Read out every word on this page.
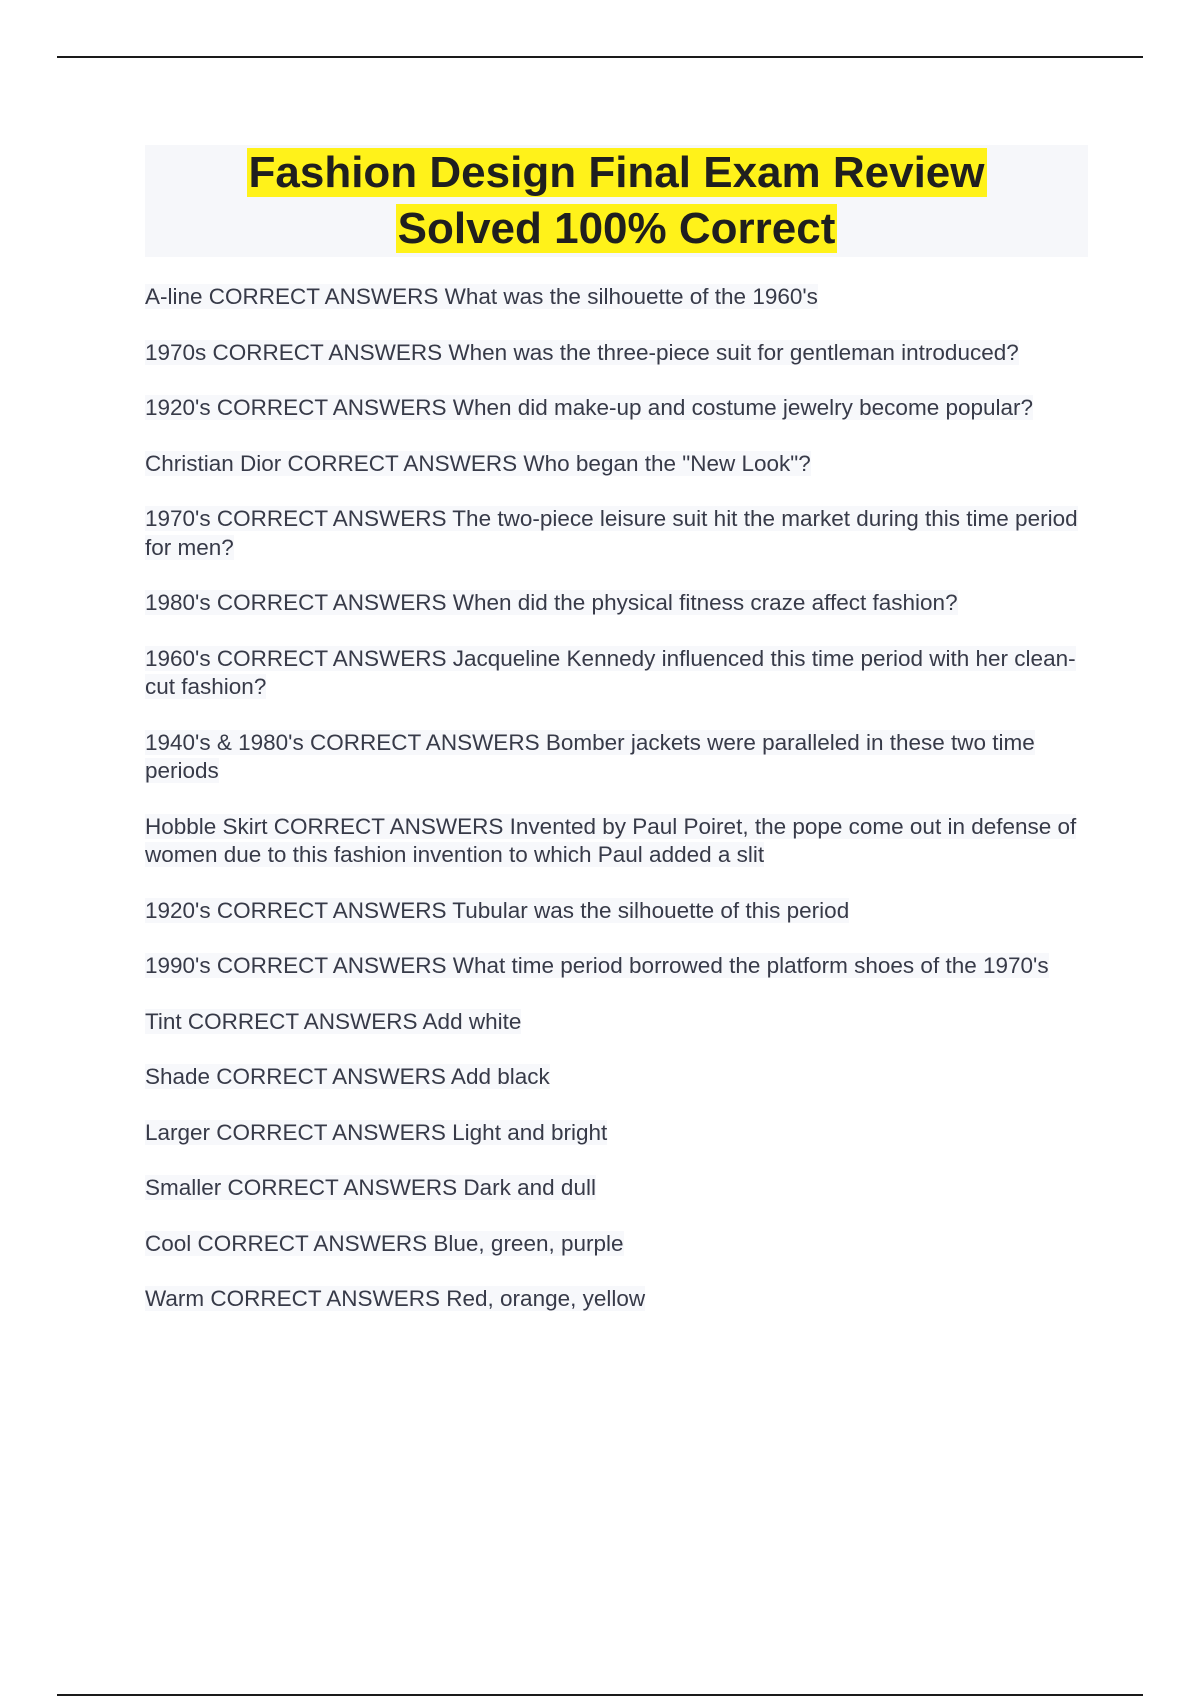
Fashion Design Final Exam Review
Solved 100% Correct
A-line CORRECT ANSWERS What was the silhouette of the 1960's
1970s CORRECT ANSWERS When was the three-piece suit for gentleman introduced?
1920's CORRECT ANSWERS When did make-up and costume jewelry become popular?
Christian Dior CORRECT ANSWERS Who began the "New Look"?
1970's CORRECT ANSWERS The two-piece leisure suit hit the market during this time period for men?
1980's CORRECT ANSWERS When did the physical fitness craze affect fashion?
1960's CORRECT ANSWERS Jacqueline Kennedy influenced this time period with her clean-cut fashion?
1940's & 1980's CORRECT ANSWERS Bomber jackets were paralleled in these two time periods
Hobble Skirt CORRECT ANSWERS Invented by Paul Poiret, the pope come out in defense of women due to this fashion invention to which Paul added a slit
1920's CORRECT ANSWERS Tubular was the silhouette of this period
1990's CORRECT ANSWERS What time period borrowed the platform shoes of the 1970's
Tint CORRECT ANSWERS Add white
Shade CORRECT ANSWERS Add black
Larger CORRECT ANSWERS Light and bright
Smaller CORRECT ANSWERS Dark and dull
Cool CORRECT ANSWERS Blue, green, purple
Warm CORRECT ANSWERS Red, orange, yellow
